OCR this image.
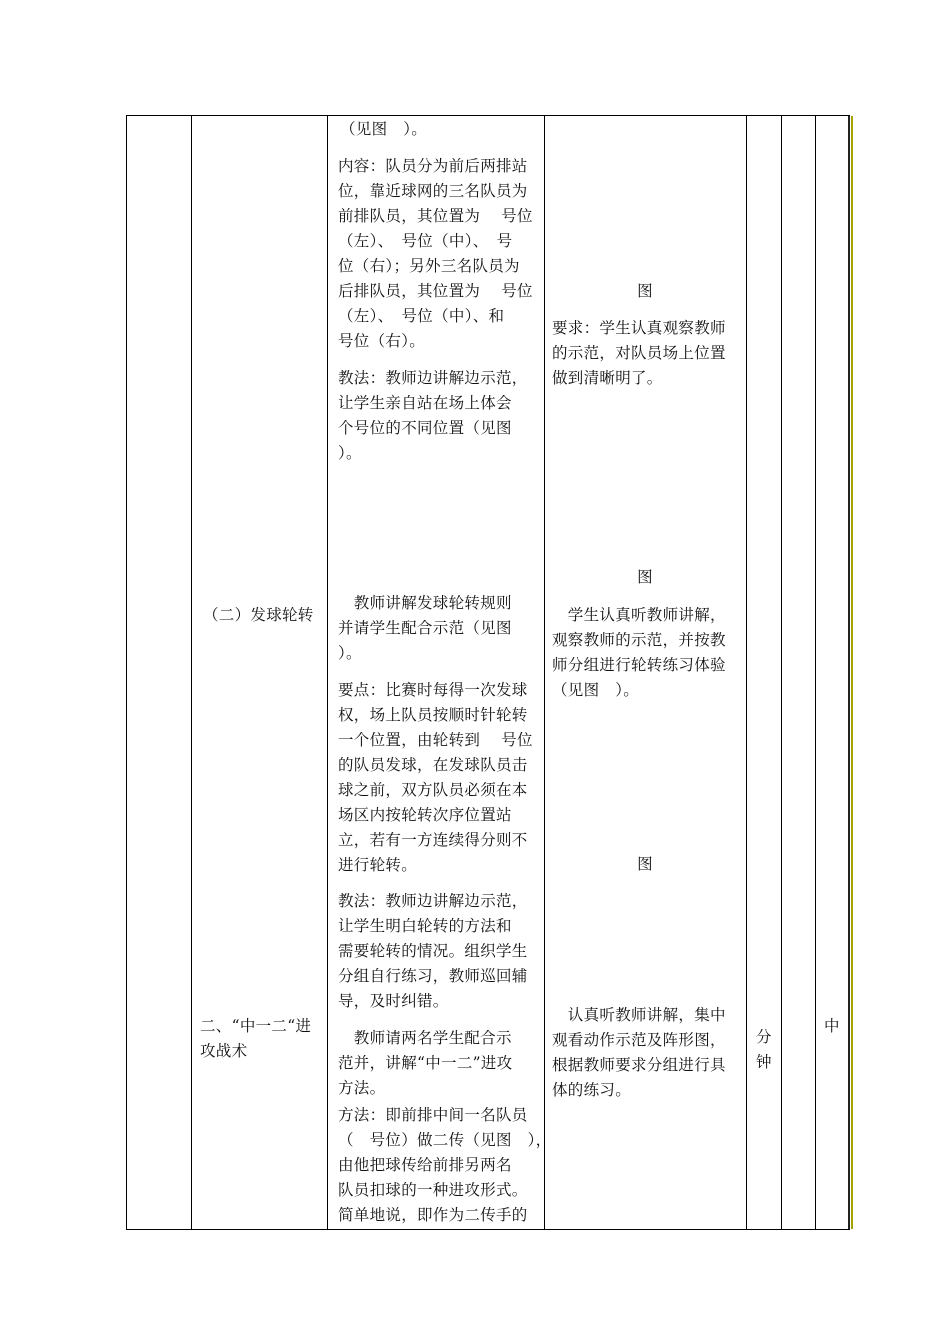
（二）发球轮转
二、“中一二“进
攻战术
（见图　）。
内容：队员分为前后两排站
位，靠近球网的三名队员为
前排队员，其位置为　 号位
（左）、　号位（中）、　号
位（右）；另外三名队员为
后排队员，其位置为　 号位
（左）、　号位（中）、和
号位（右）。
教法：教师边讲解边示范，
让学生亲自站在场上体会
个号位的不同位置（见图
）。
　教师讲解发球轮转规则
并请学生配合示范（见图
）。
要点：比赛时每得一次发球
权，场上队员按顺时针轮转
一个位置，由轮转到　 号位
的队员发球，在发球队员击
球之前，双方队员必须在本
场区内按轮转次序位置站
立，若有一方连续得分则不
进行轮转。
教法：教师边讲解边示范，
让学生明白轮转的方法和
需要轮转的情况。组织学生
分组自行练习，教师巡回辅
导，及时纠错。
　教师请两名学生配合示
范并，讲解“中一二”进攻
方法。
方法：即前排中间一名队员
（　号位）做二传（见图　），
由他把球传给前排另两名
队员扣球的一种进攻形式。
简单地说，即作为二传手的
图
要求：学生认真观察教师
的示范，对队员场上位置
做到清晰明了。
图
　学生认真听教师讲解，
观察教师的示范，并按教
师分组进行轮转练习体验
（见图　）。
图
　认真听教师讲解，集中
观看动作示范及阵形图，
根据教师要求分组进行具
体的练习。
分
钟
中
